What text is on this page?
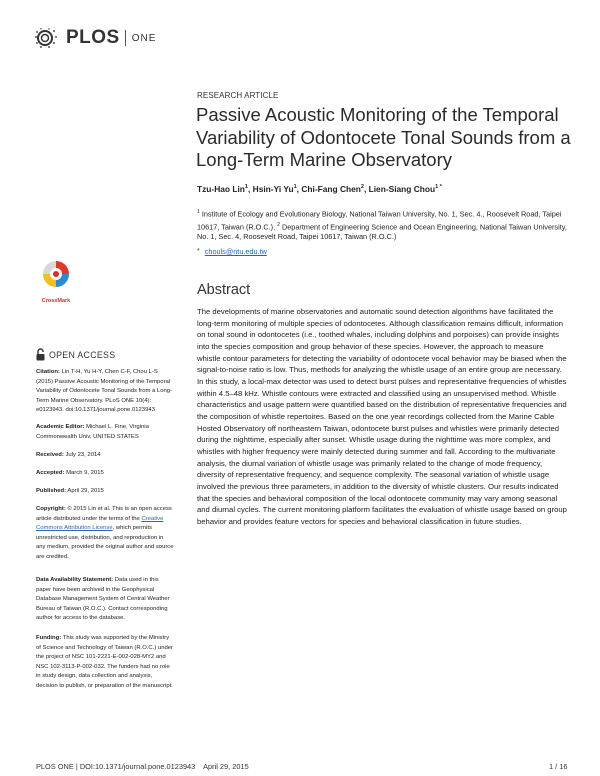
PLOS ONE
RESEARCH ARTICLE
Passive Acoustic Monitoring of the Temporal Variability of Odontocete Tonal Sounds from a Long-Term Marine Observatory
Tzu-Hao Lin$^1$, Hsin-Yi Yu$^1$, Chi-Fang Chen$^2$, Lien-Siang Chou$^{1 *}$
$^1$ Institute of Ecology and Evolutionary Biology, National Taiwan University, No. 1, Sec. 4., Roosevelt Road, Taipei 10617, Taiwan (R.O.C.), $^2$ Department of Engineering Science and Ocean Engineering, National Taiwan University, No. 1, Sec. 4, Roosevelt Road, Taipei 10617, Taiwan (R.O.C.)
* chouls@ntu.edu.tw
Abstract

The developments of marine observatories and automatic sound detection algorithms have facilitated the long-term monitoring of multiple species of odontocetes. Although classification remains difficult, information on tonal sound in odontocetes (i.e., toothed whales, including dolphins and porpoises) can provide insights into the species composition and group behavior of these species. However, the approach to measure whistle contour parameters for detecting the variability of odontocete vocal behavior may be biased when the signal-to-noise ratio is low. Thus, methods for analyzing the whistle usage of an entire group are necessary. In this study, a local-max detector was used to detect burst pulses and representative frequencies of whistles within 4.5–48 kHz. Whistle contours were extracted and classified using an unsupervised method. Whistle characteristics and usage pattern were quantified based on the distribution of representative frequencies and the composition of whistle repertoires. Based on the one year recordings collected from the Marine Cable Hosted Observatory off northeastern Taiwan, odontocete burst pulses and whistles were primarily detected during the nighttime, especially after sunset. Whistle usage during the nighttime was more complex, and whistles with higher frequency were mainly detected during summer and fall. According to the multivariate analysis, the diurnal variation of whistle usage was primarily related to the change of mode frequency, diversity of representative frequency, and sequence complexity. The seasonal variation of whistle usage involved the previous three parameters, in addition to the diversity of whistle clusters. Our results indicated that the species and behavioral composition of the local odontocete community may vary among seasonal and diurnal cycles. The current monitoring platform facilitates the evaluation of whistle usage based on group behavior and provides feature vectors for species and behavioral classification in future studies.

CrossMark
OPEN ACCESS
Citation: Lin T-H, Yu H-Y, Chen C-F, Chou L-S (2015) Passive Acoustic Monitoring of the Temporal Variability of Odontocete Tonal Sounds from a Long-Term Marine Observatory. PLoS ONE 10(4): e0123943. doi:10.1371/journal.pone.0123943
Academic Editor: Michael L. Fine, Virginia Commonwealth Univ, UNITED STATES
Received: July 23, 2014
Accepted: March 9, 2015
Published: April 29, 2015
Copyright: © 2015 Lin et al. This is an open access article distributed under the terms of the Creative Commons Attribution License, which permits unrestricted use, distribution, and reproduction in any medium, provided the original author and source are credited.
Data Availability Statement: Data used in this paper have been archived in the Geophysical Database Management System of Central Weather Bureau of Taiwan (R.O.C.). Contact corresponding author for access to the database.
Funding: This study was supported by the Ministry of Science and Technology of Taiwan (R.O.C.) under the project of NSC 101-2221-E-002-028-MY2 and NSC 102-3113-P-002-032. The funders had no role in study design, data collection and analysis, decision to publish, or preparation of the manuscript.
PLOS ONE | DOI:10.1371/journal.pone.0123943    April 29, 2015	1 / 16
